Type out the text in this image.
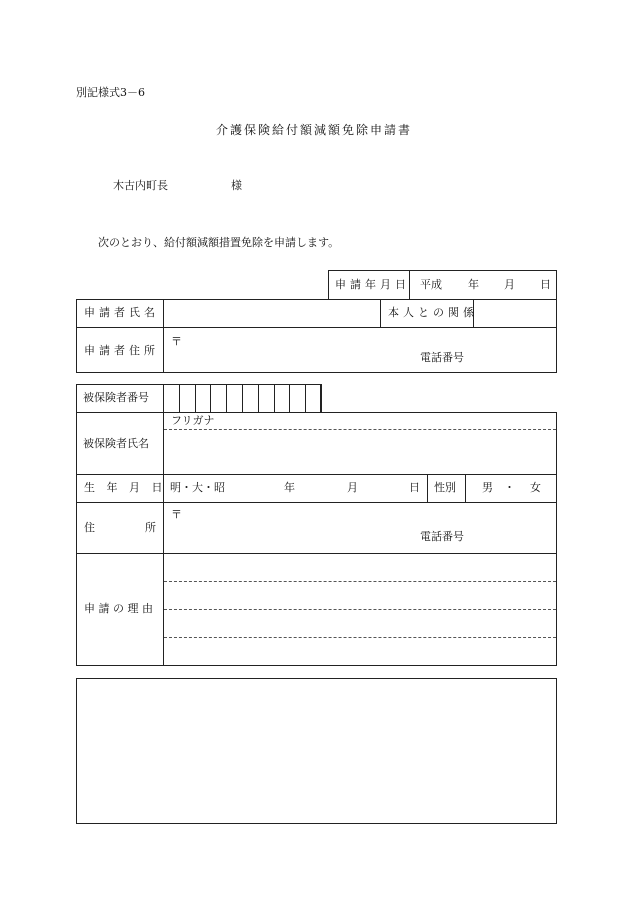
別記様式3－6
介護保険給付額減額免除申請書
木古内町長	様
次のとおり、給付額減額措置免除を申請します。
申請年月日 平成 年 月 日
申請者氏名	本人との関係
申請者住所
〒
電話番号
被保険者番号
フリガナ
被保険者氏名
生 年 月 日 明・大・昭	年	月	日 性別 男 ・ 女
住	所
〒
電話番号
申 請 の 理 由
